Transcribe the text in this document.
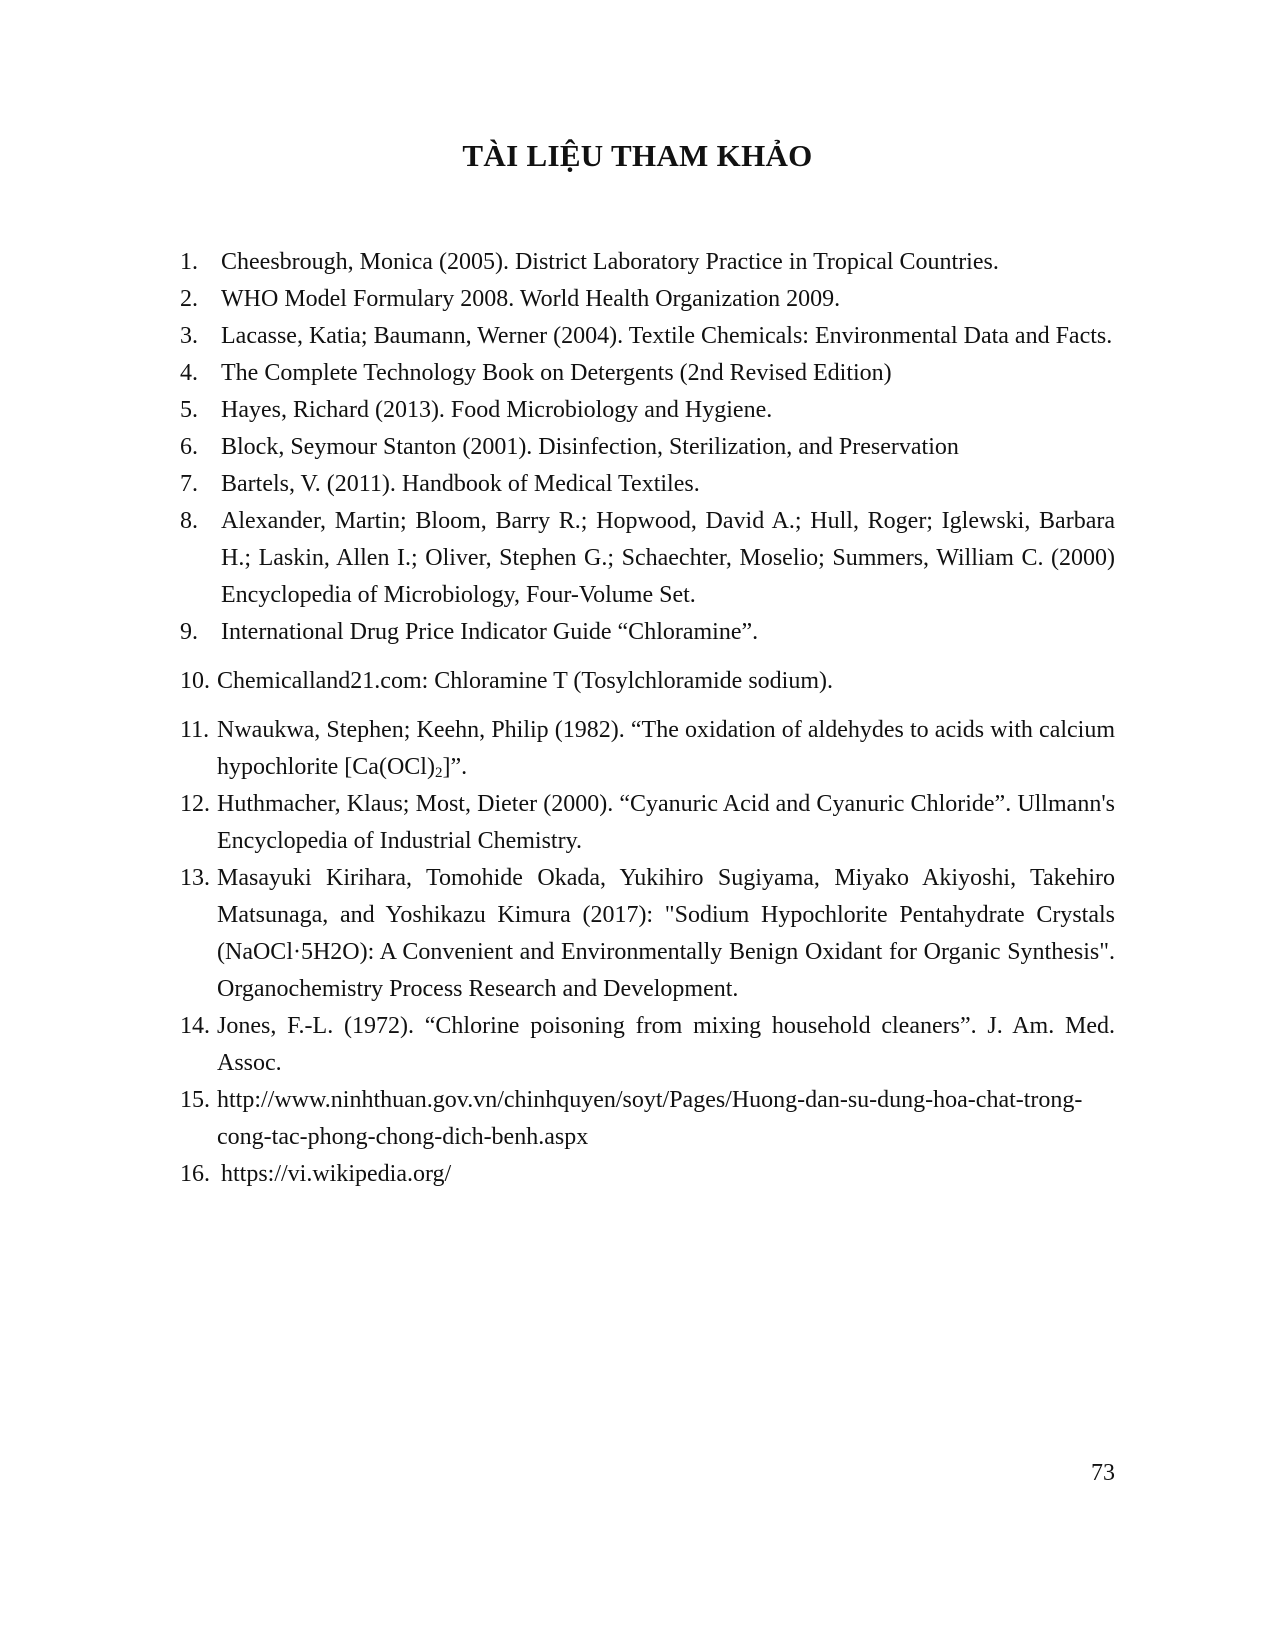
TÀI LIỆU THAM KHẢO
1. Cheesbrough, Monica (2005). District Laboratory Practice in Tropical Countries.
2. WHO Model Formulary 2008. World Health Organization 2009.
3. Lacasse, Katia; Baumann, Werner (2004). Textile Chemicals: Environmental Data and Facts.
4. The Complete Technology Book on Detergents (2nd Revised Edition)
5. Hayes, Richard (2013). Food Microbiology and Hygiene.
6. Block, Seymour Stanton (2001). Disinfection, Sterilization, and Preservation
7. Bartels, V. (2011). Handbook of Medical Textiles.
8. Alexander, Martin; Bloom, Barry R.; Hopwood, David A.; Hull, Roger; Iglewski, Barbara H.; Laskin, Allen I.; Oliver, Stephen G.; Schaechter, Moselio; Summers, William C. (2000) Encyclopedia of Microbiology, Four-Volume Set.
9. International Drug Price Indicator Guide “Chloramine”.
10. Chemicalland21.com: Chloramine T (Tosylchloramide sodium).
11. Nwaukwa, Stephen; Keehn, Philip (1982). “The oxidation of aldehydes to acids with calcium hypochlorite $[Ca(OCl)_2]$”.
12. Huthmacher, Klaus; Most, Dieter (2000). “Cyanuric Acid and Cyanuric Chloride”. Ullmann's Encyclopedia of Industrial Chemistry.
13. Masayuki Kirihara, Tomohide Okada, Yukihiro Sugiyama, Miyako Akiyoshi, Takehiro Matsunaga, and Yoshikazu Kimura (2017): "Sodium Hypochlorite Pentahydrate Crystals (NaOCl·5H2O): A Convenient and Environmentally Benign Oxidant for Organic Synthesis". Organochemistry Process Research and Development.
14. Jones, F.-L. (1972). “Chlorine poisoning from mixing household cleaners”. J. Am. Med. Assoc.
15. http://www.ninhthuan.gov.vn/chinhquyen/soyt/Pages/Huong-dan-su-dung-hoa-chat-trong-cong-tac-phong-chong-dich-benh.aspx
16. https://vi.wikipedia.org/
73
